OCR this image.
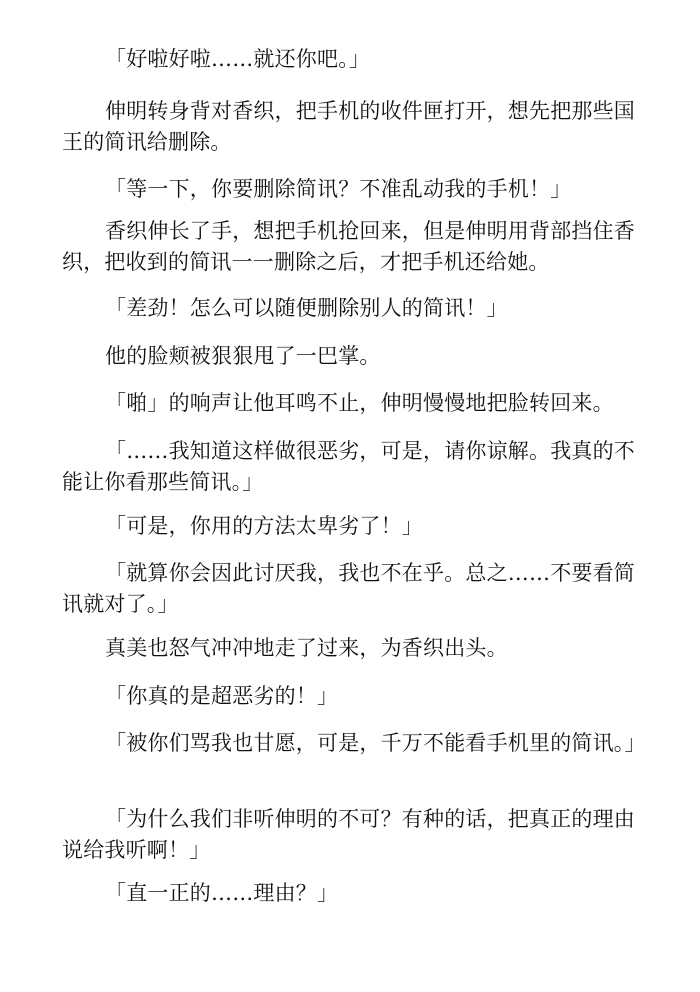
「好啦好啦……就还你吧。」

伸明转身背对香织，把手机的收件匣打开，想先把那些国王的简讯给删除。

「等一下，你要删除简讯？不准乱动我的手机！」

香织伸长了手，想把手机抢回来，但是伸明用背部挡住香织，把收到的简讯一一删除之后，才把手机还给她。

「差劲！怎么可以随便删除别人的简讯！」

他的脸颊被狠狠甩了一巴掌。

「啪」的响声让他耳鸣不止，伸明慢慢地把脸转回来。

「……我知道这样做很恶劣，可是，请你谅解。我真的不能让你看那些简讯。」

「可是，你用的方法太卑劣了！」

「就算你会因此讨厌我，我也不在乎。总之……不要看简讯就对了。」

真美也怒气冲冲地走了过来，为香织出头。

「你真的是超恶劣的！」

「被你们骂我也甘愿，可是，千万不能看手机里的简讯。」

「为什么我们非听伸明的不可？有种的话，把真正的理由说给我听啊！」

「直一正的……理由？」
